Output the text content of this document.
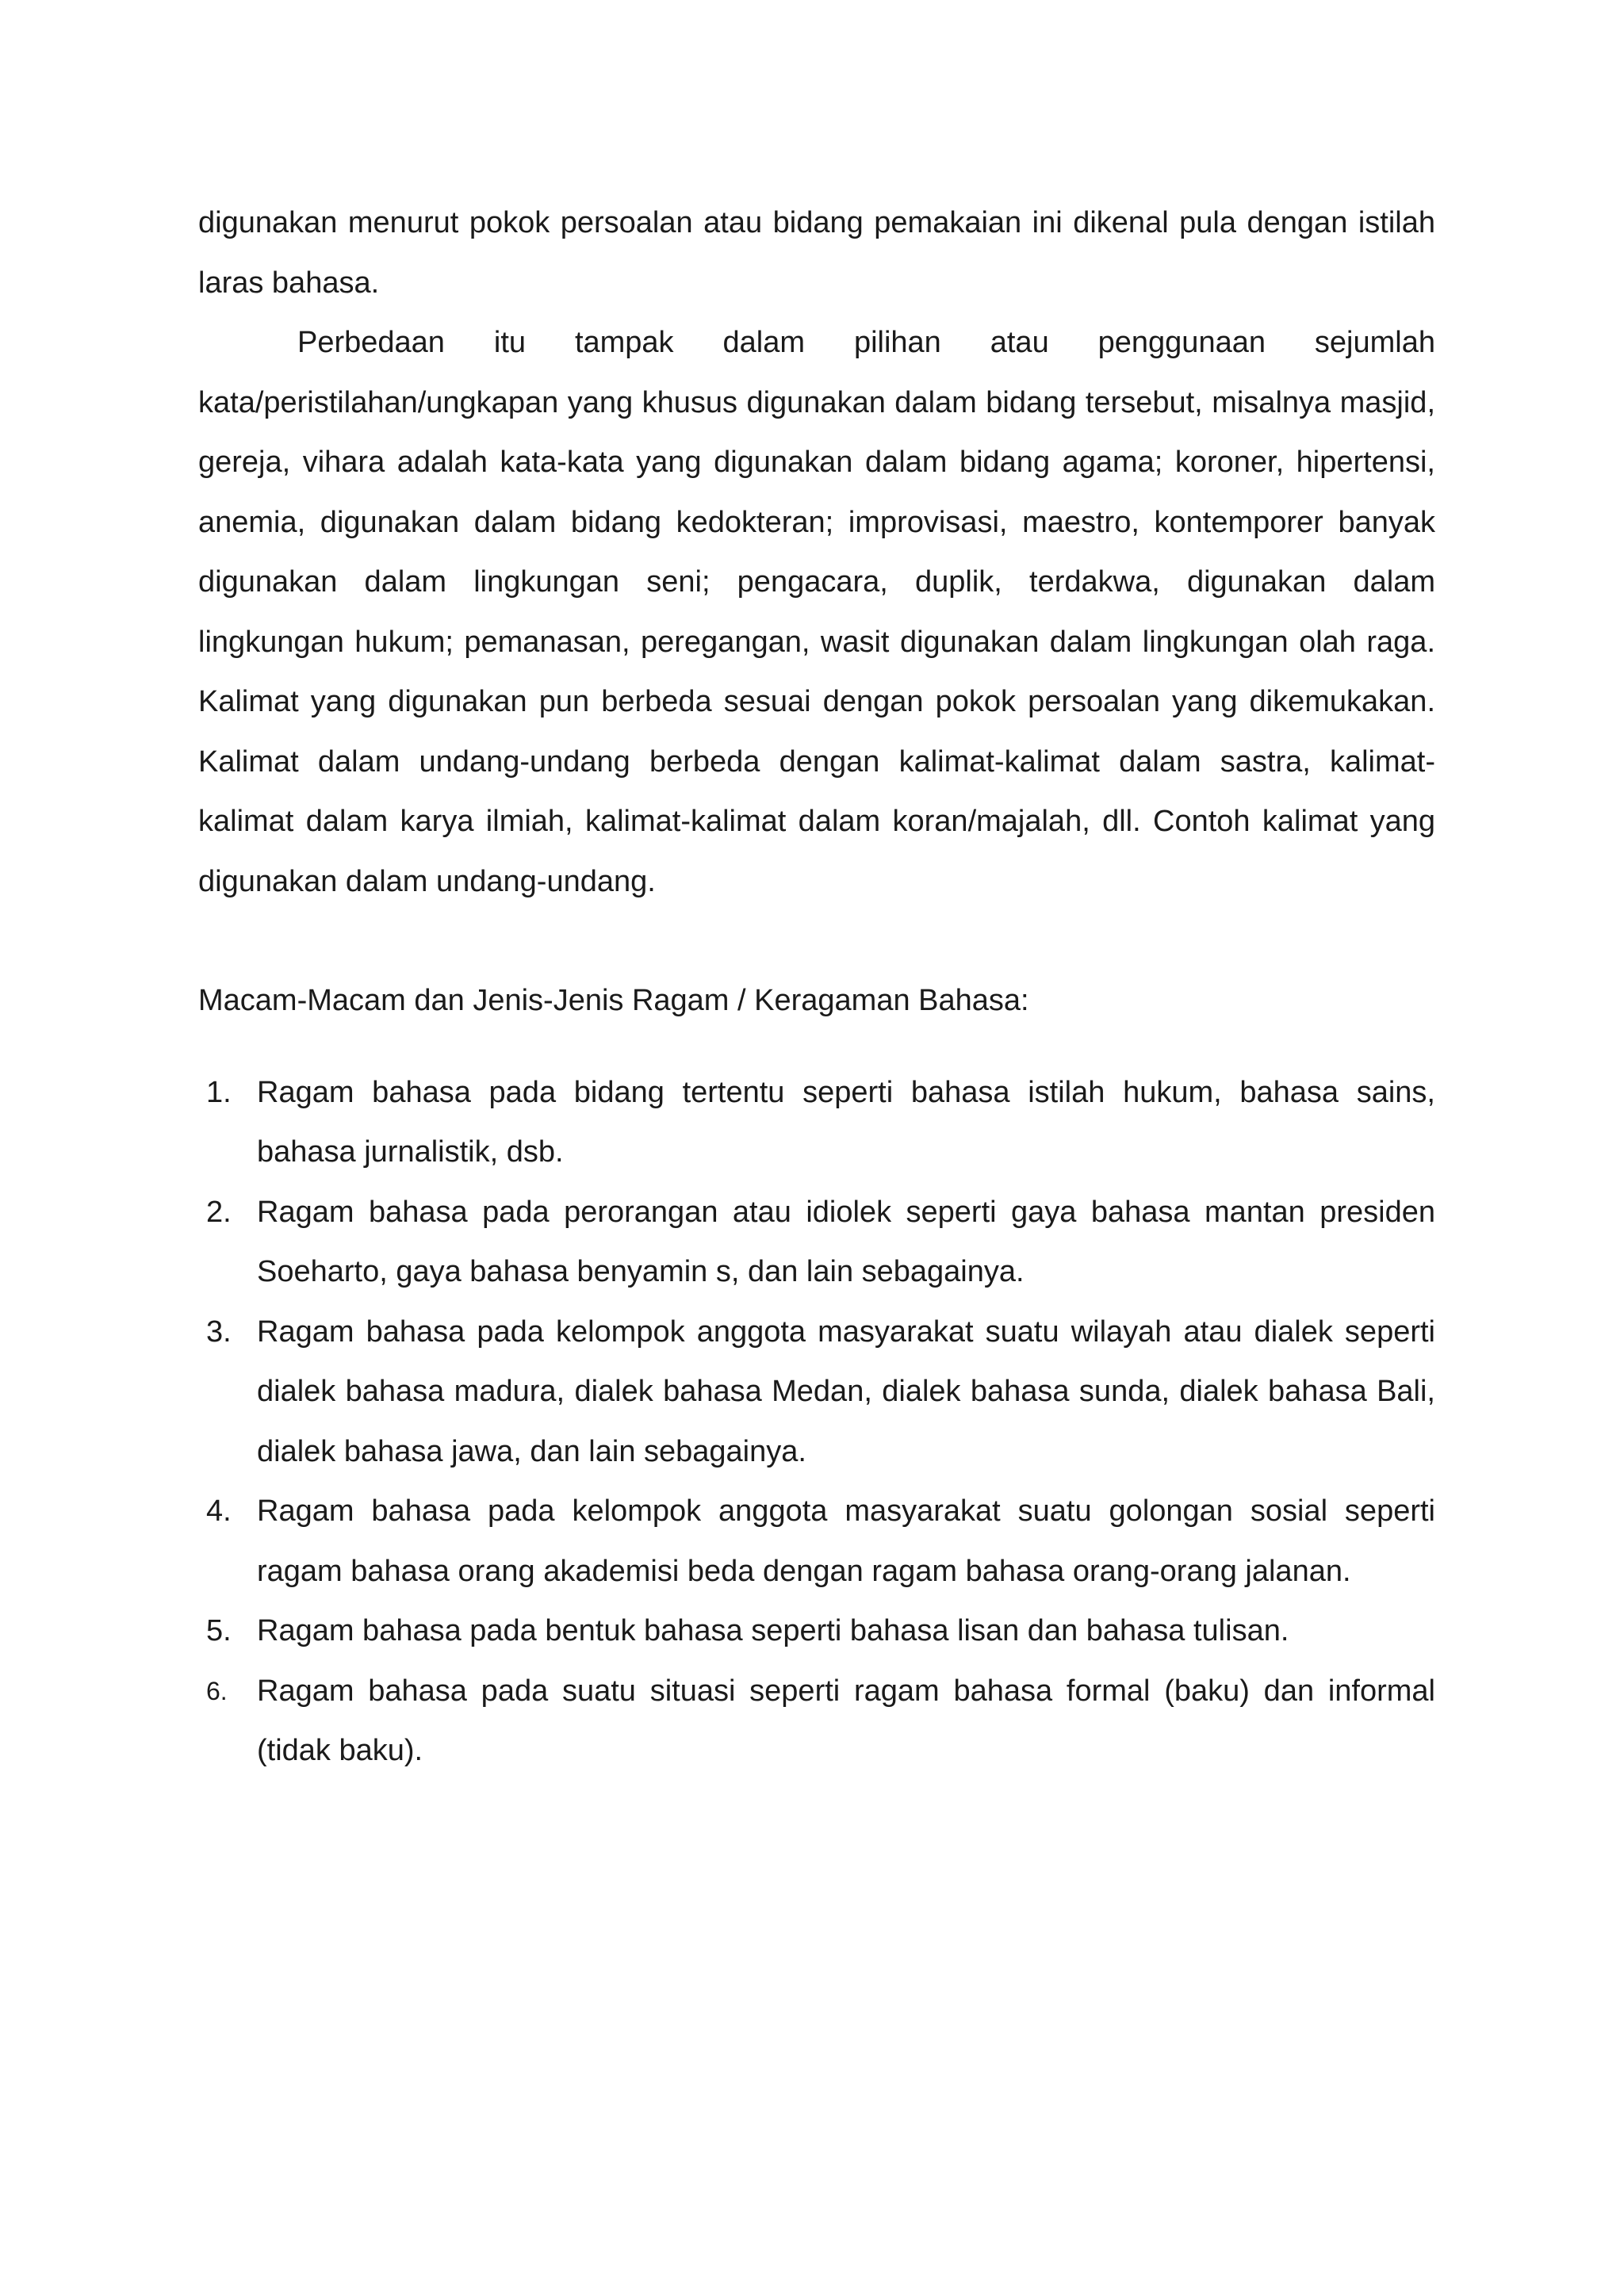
digunakan menurut pokok persoalan atau bidang pemakaian ini dikenal pula dengan istilah laras bahasa.

Perbedaan itu tampak dalam pilihan atau penggunaan sejumlah kata/peristilahan/ungkapan yang khusus digunakan dalam bidang tersebut, misalnya masjid, gereja, vihara adalah kata-kata yang digunakan dalam bidang agama; koroner, hipertensi, anemia, digunakan dalam bidang kedokteran; improvisasi, maestro, kontemporer banyak digunakan dalam lingkungan seni; pengacara, duplik, terdakwa, digunakan dalam lingkungan hukum; pemanasan, peregangan, wasit digunakan dalam lingkungan olah raga. Kalimat yang digunakan pun berbeda sesuai dengan pokok persoalan yang dikemukakan. Kalimat dalam undang-undang berbeda dengan kalimat-kalimat dalam sastra, kalimat-kalimat dalam karya ilmiah, kalimat-kalimat dalam koran/majalah, dll. Contoh kalimat yang digunakan dalam undang-undang.

Macam-Macam dan Jenis-Jenis Ragam / Keragaman Bahasa:

1. Ragam bahasa pada bidang tertentu seperti bahasa istilah hukum, bahasa sains, bahasa jurnalistik, dsb.
2. Ragam bahasa pada perorangan atau idiolek seperti gaya bahasa mantan presiden Soeharto, gaya bahasa benyamin s, dan lain sebagainya.
3. Ragam bahasa pada kelompok anggota masyarakat suatu wilayah atau dialek seperti dialek bahasa madura, dialek bahasa Medan, dialek bahasa sunda, dialek bahasa Bali, dialek bahasa jawa, dan lain sebagainya.
4. Ragam bahasa pada kelompok anggota masyarakat suatu golongan sosial seperti ragam bahasa orang akademisi beda dengan ragam bahasa orang-orang jalanan.
5. Ragam bahasa pada bentuk bahasa seperti bahasa lisan dan bahasa tulisan.
6. Ragam bahasa pada suatu situasi seperti ragam bahasa formal (baku) dan informal (tidak baku).
